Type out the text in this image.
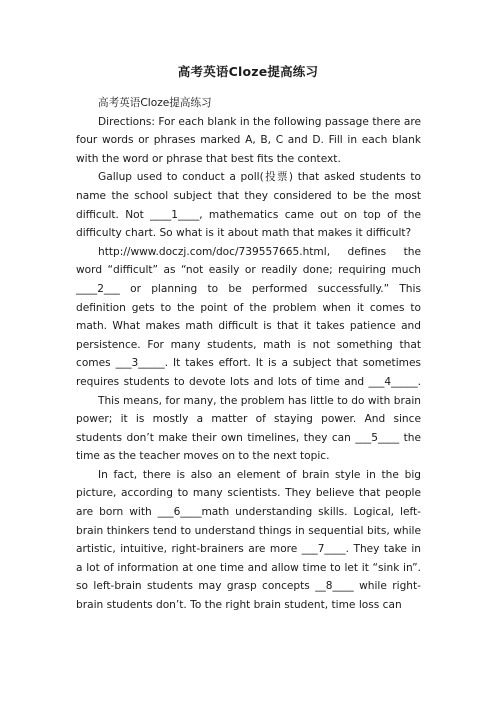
高考英语Cloze提高练习

高考英语Cloze提高练习

Directions: For each blank in the following passage there are four words or phrases marked A, B, C and D. Fill in each blank with the word or phrase that best fits the context.

Gallup used to conduct a poll(投票) that asked students to name the school subject that they considered to be the most difficult. Not ____1____, mathematics came out on top of the difficulty chart. So what is it about math that makes it difficult?

http://www.doczj.com/doc/739557665.html, defines the word “difficult” as “not easily or readily done; requiring much ____2___ or planning to be performed successfully.” This definition gets to the point of the problem when it comes to math. What makes math difficult is that it takes patience and persistence. For many students, math is not something that comes ___3_____. It takes effort. It is a subject that sometimes requires students to devote lots and lots of time and ___4_____.

This means, for many, the problem has little to do with brain power; it is mostly a matter of staying power. And since students don’t make their own timelines, they can ___5____ the time as the teacher moves on to the next topic.

In fact, there is also an element of brain style in the big picture, according to many scientists. They believe that people are born with ___6____math understanding skills. Logical, left-brain thinkers tend to understand things in sequential bits, while artistic, intuitive, right-brainers are more ___7____. They take in a lot of information at one time and allow time to let it “sink in”. so left-brain students may grasp concepts __8____ while right-brain students don’t. To the right brain student, time loss can
